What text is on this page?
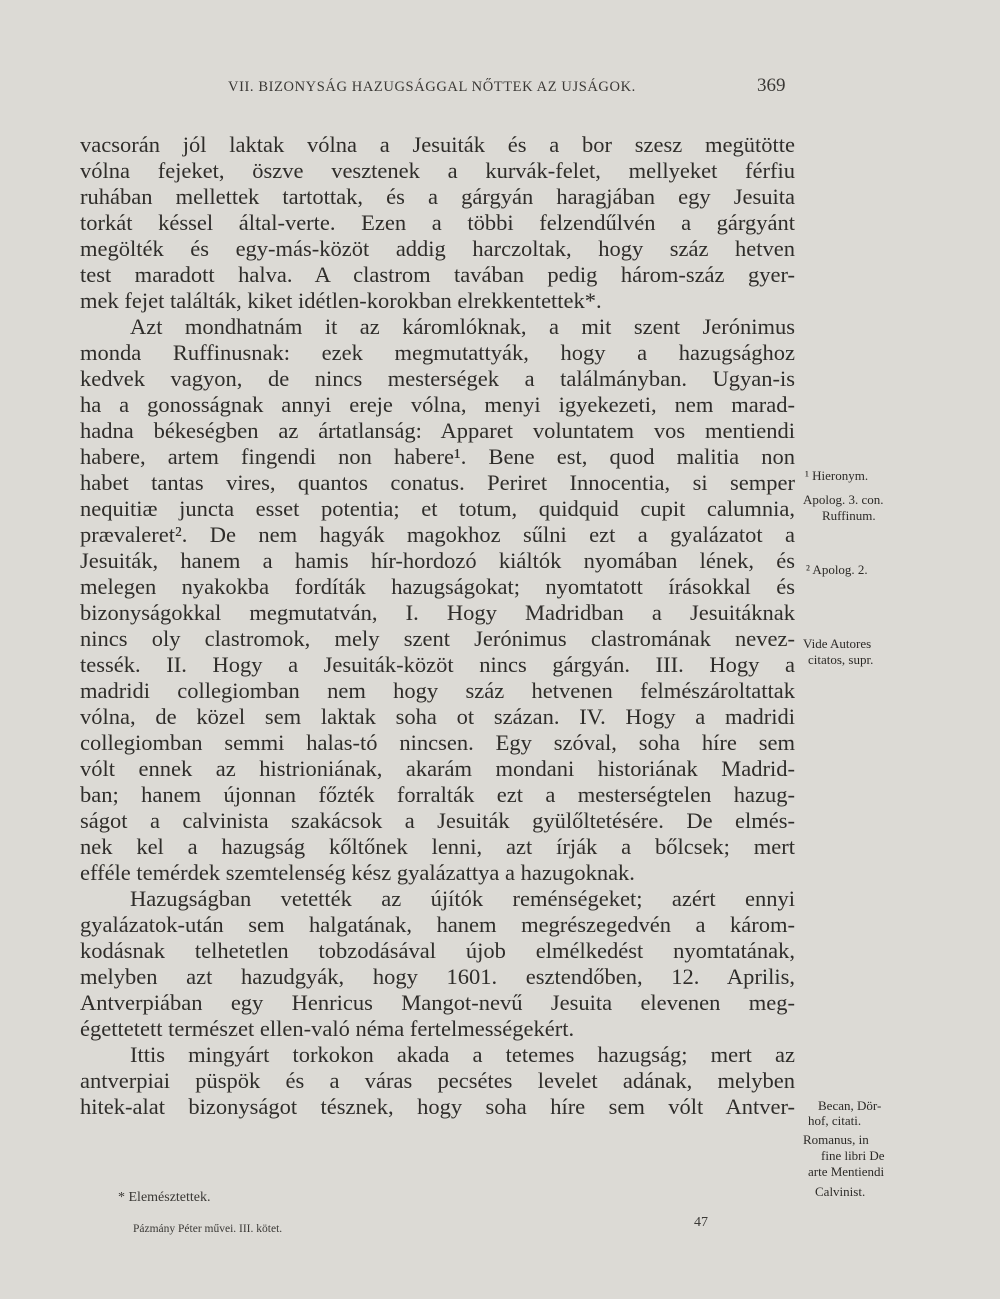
VII. BIZONYSÁG HAZUGSÁGGAL NŐTTEK AZ UJSÁGOK.	369
vacsorán jól laktak vólna a Jesuiták és a bor szesz megütötte
vólna fejeket, öszve vesztenek a kurvák-felet, mellyeket férfiu
ruhában mellettek tartottak, és a gárgyán haragjában egy Jesuita
torkát késsel által-verte. Ezen a többi felzendűlvén a gárgyánt
megölték és egy-más-közöt addig harczoltak, hogy száz hetven
test maradott halva. A clastrom tavában pedig három-száz gyer-
mek fejet találták, kiket idétlen-korokban elrekkentettek*.
Azt mondhatnám it az káromlóknak, a mit szent Jerónimus
monda Ruffinusnak: ezek megmutattyák, hogy a hazugsághoz
kedvek vagyon, de nincs mesterségek a találmányban. Ugyan-is
ha a gonosságnak annyi ereje vólna, menyi igyekezeti, nem marad-
hadna békeségben az ártatlanság: Apparet voluntatem vos mentiendi
habere, artem fingendi non habere¹. Bene est, quod malitia non
habet tantas vires, quantos conatus. Periret Innocentia, si semper
nequitiæ juncta esset potentia; et totum, quidquid cupit calumnia,
prævaleret². De nem hagyák magokhoz sűlni ezt a gyalázatot a
Jesuiták, hanem a hamis hír-hordozó kiáltók nyomában lének, és
melegen nyakokba fordíták hazugságokat; nyomtatott írásokkal és
bizonyságokkal megmutatván, I. Hogy Madridban a Jesuitáknak
nincs oly clastromok, mely szent Jerónimus clastromának nevez-
tessék. II. Hogy a Jesuiták-közöt nincs gárgyán. III. Hogy a
madridi collegiomban nem hogy száz hetvenen felmészároltattak
vólna, de közel sem laktak soha ot százan. IV. Hogy a madridi
collegiomban semmi halas-tó nincsen. Egy szóval, soha híre sem
vólt ennek az histrioniának, akarám mondani historiának Madrid-
ban; hanem újonnan főzték forralták ezt a mesterségtelen hazug-
ságot a calvinista szakácsok a Jesuiták gyülőltetésére. De elmés-
nek kel a hazugság kőltőnek lenni, azt írják a bőlcsek; mert
efféle temérdek szemtelenség kész gyalázattya a hazugoknak.
Hazugságban vetették az újítók reménségeket; azért ennyi
gyalázatok-után sem halgatának, hanem megrészegedvén a károm-
kodásnak telhetetlen tobzodásával újob elmélkedést nyomtatának,
melyben azt hazudgyák, hogy 1601. esztendőben, 12. Aprilis,
Antverpiában egy Henricus Mangot-nevű Jesuita elevenen meg-
égettetett természet ellen-való néma fertelmességekért.
Ittis mingyárt torkokon akada a tetemes hazugság; mert az
antverpiai püspök és a váras pecsétes levelet adának, melyben
hitek-alat bizonyságot tésznek, hogy soha híre sem vólt Antver-
¹ Hieronym.
Apolog. 3. con.
Ruffinum.
² Apolog. 2.
Vide Autores
citatos, supr.
Becan, Dör-
hof, citati.
Romanus, in
fine libri De
arte Mentiendi
Calvinist.
* Elemésztettek.
Pázmány Péter művei. III. kötet.	47
